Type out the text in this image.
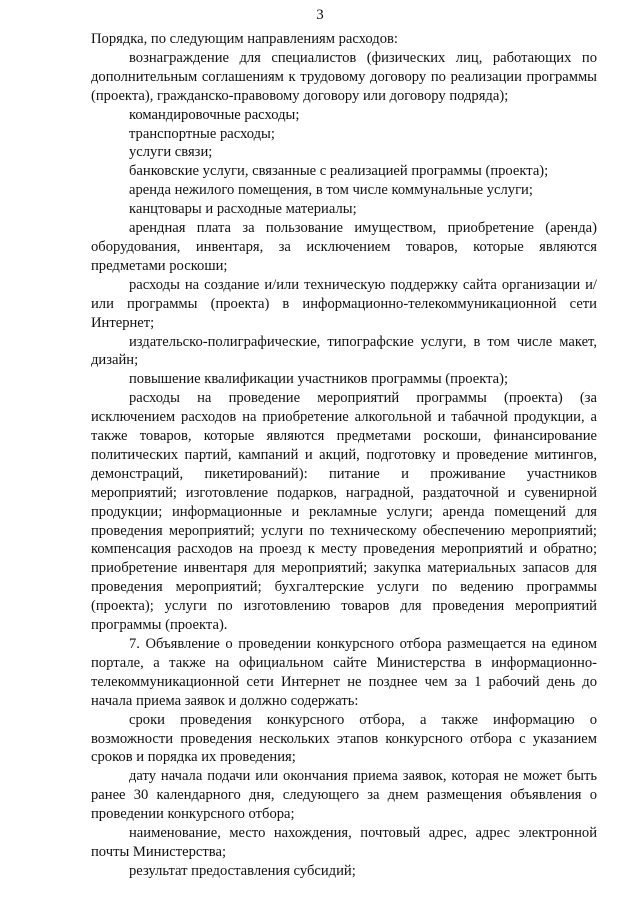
3

Порядка, по следующим направлениям расходов:

вознаграждение для специалистов (физических лиц, работающих по дополнительным соглашениям к трудовому договору по реализации программы (проекта), гражданско-правовому договору или договору подряда);

командировочные расходы;

транспортные расходы;

услуги связи;

банковские услуги, связанные с реализацией программы (проекта);

аренда нежилого помещения, в том числе коммунальные услуги;

канцтовары и расходные материалы;

арендная плата за пользование имуществом, приобретение (аренда) оборудования, инвентаря, за исключением товаров, которые являются предметами роскоши;

расходы на создание и/или техническую поддержку сайта организации и/или программы (проекта) в информационно-телекоммуникационной сети Интернет;

издательско-полиграфические, типографские услуги, в том числе макет, дизайн;

повышение квалификации участников программы (проекта);

расходы на проведение мероприятий программы (проекта) (за исключением расходов на приобретение алкогольной и табачной продукции, а также товаров, которые являются предметами роскоши, финансирование политических партий, кампаний и акций, подготовку и проведение митингов, демонстраций, пикетирований): питание и проживание участников мероприятий; изготовление подарков, наградной, раздаточной и сувенирной продукции; информационные и рекламные услуги; аренда помещений для проведения мероприятий; услуги по техническому обеспечению мероприятий; компенсация расходов на проезд к месту проведения мероприятий и обратно; приобретение инвентаря для мероприятий; закупка материальных запасов для проведения мероприятий; бухгалтерские услуги по ведению программы (проекта); услуги по изготовлению товаров для проведения мероприятий программы (проекта).

7. Объявление о проведении конкурсного отбора размещается на едином портале, а также на официальном сайте Министерства в информационно-телекоммуникационной сети Интернет не позднее чем за 1 рабочий день до начала приема заявок и должно содержать:

сроки проведения конкурсного отбора, а также информацию о возможности проведения нескольких этапов конкурсного отбора с указанием сроков и порядка их проведения;

дату начала подачи или окончания приема заявок, которая не может быть ранее 30 календарного дня, следующего за днем размещения объявления о проведении конкурсного отбора;

наименование, место нахождения, почтовый адрес, адрес электронной почты Министерства;

результат предоставления субсидий;
